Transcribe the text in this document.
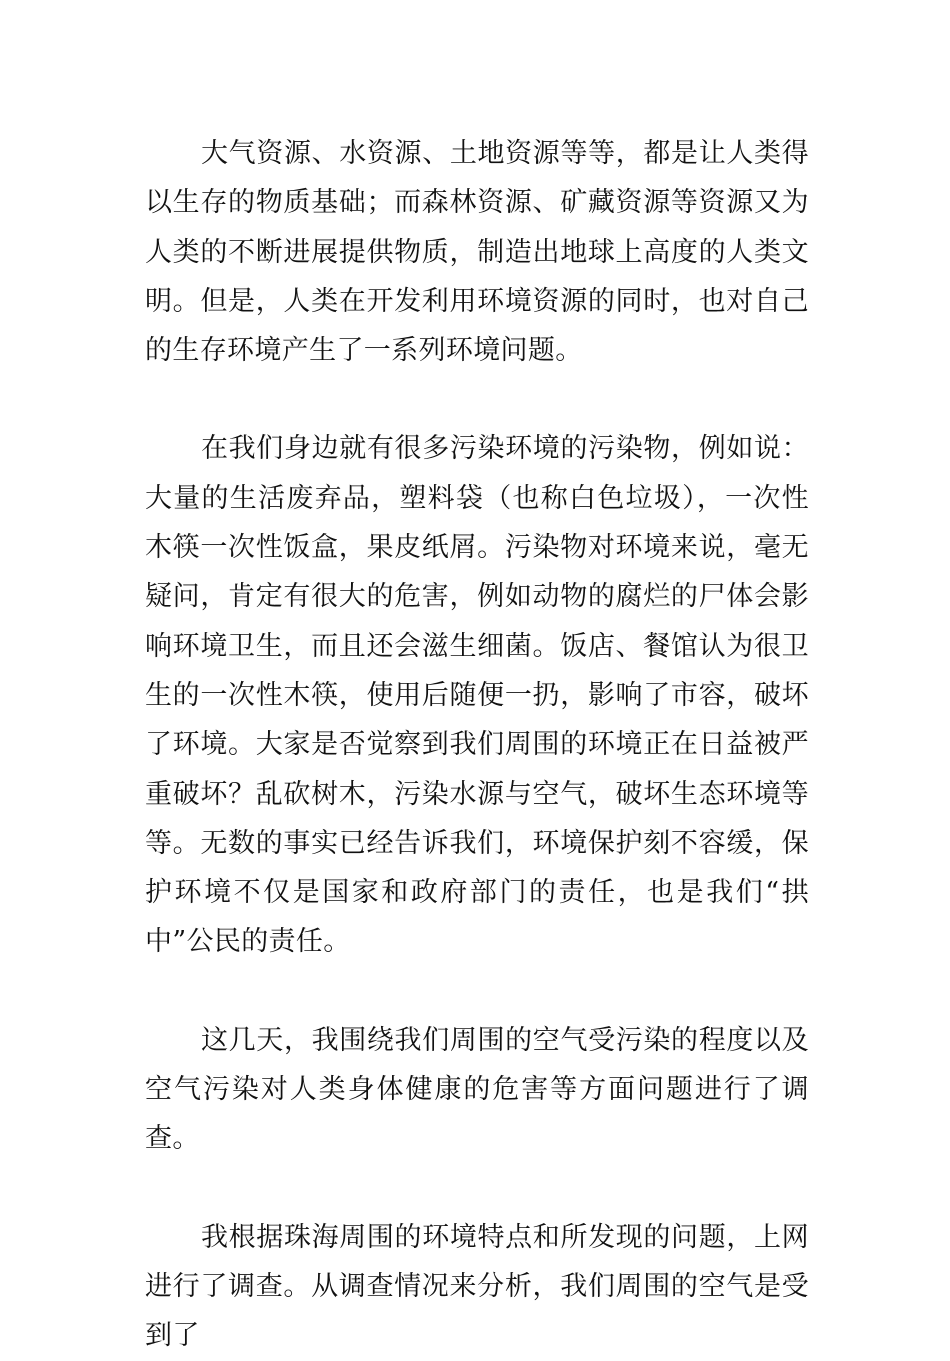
大气资源、水资源、土地资源等等，都是让人类得以生存的物质基础；而森林资源、矿藏资源等资源又为人类的不断进展提供物质，制造出地球上高度的人类文明。但是，人类在开发利用环境资源的同时，也对自己的生存环境产生了一系列环境问题。

在我们身边就有很多污染环境的污染物，例如说：大量的生活废弃品，塑料袋（也称白色垃圾），一次性木筷一次性饭盒，果皮纸屑。污染物对环境来说，毫无疑问，肯定有很大的危害，例如动物的腐烂的尸体会影响环境卫生，而且还会滋生细菌。饭店、餐馆认为很卫生的一次性木筷，使用后随便一扔，影响了市容，破坏了环境。大家是否觉察到我们周围的环境正在日益被严重破坏？乱砍树木，污染水源与空气，破坏生态环境等等。无数的事实已经告诉我们，环境保护刻不容缓，保护环境不仅是国家和政府部门的责任，也是我们“拱中”公民的责任。

这几天，我围绕我们周围的空气受污染的程度以及空气污染对人类身体健康的危害等方面问题进行了调查。

我根据珠海周围的环境特点和所发现的问题，上网进行了调查。从调查情况来分析，我们周围的空气是受到了
